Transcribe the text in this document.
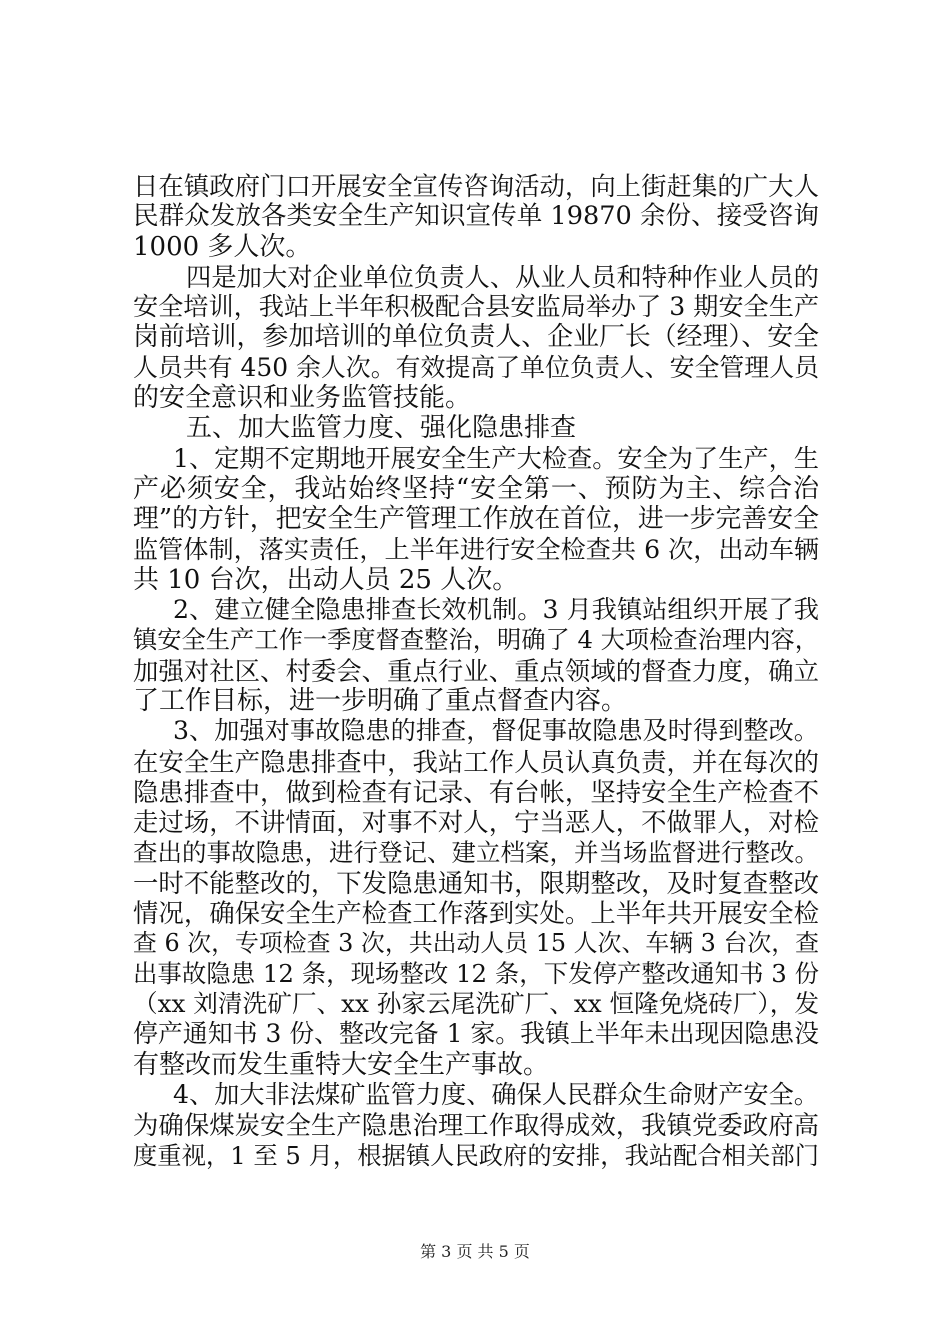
日在镇政府门口开展安全宣传咨询活动，向上街赶集的广大人
民群众发放各类安全生产知识宣传单 19870 余份、接受咨询
1000 多人次。
四是加大对企业单位负责人、从业人员和特种作业人员的
安全培训，我站上半年积极配合县安监局举办了 3 期安全生产
岗前培训，参加培训的单位负责人、企业厂长（经理）、安全
人员共有 450 余人次。有效提高了单位负责人、安全管理人员
的安全意识和业务监管技能。
五、加大监管力度、强化隐患排查
1、定期不定期地开展安全生产大检查。安全为了生产，生
产必须安全，我站始终坚持“安全第一、预防为主、综合治
理”的方针，把安全生产管理工作放在首位，进一步完善安全
监管体制，落实责任，上半年进行安全检查共 6 次，出动车辆
共 10 台次，出动人员 25 人次。
2、建立健全隐患排查长效机制。3 月我镇站组织开展了我
镇安全生产工作一季度督查整治，明确了 4 大项检查治理内容，
加强对社区、村委会、重点行业、重点领域的督查力度，确立
了工作目标，进一步明确了重点督查内容。
3、加强对事故隐患的排查，督促事故隐患及时得到整改。
在安全生产隐患排查中，我站工作人员认真负责，并在每次的
隐患排查中，做到检查有记录、有台帐，坚持安全生产检查不
走过场，不讲情面，对事不对人，宁当恶人，不做罪人，对检
查出的事故隐患，进行登记、建立档案，并当场监督进行整改。
一时不能整改的，下发隐患通知书，限期整改，及时复查整改
情况，确保安全生产检查工作落到实处。上半年共开展安全检
查 6 次，专项检查 3 次，共出动人员 15 人次、车辆 3 台次，查
出事故隐患 12 条，现场整改 12 条，下发停产整改通知书 3 份
（xx 刘清洗矿厂、xx 孙家云尾洗矿厂、xx 恒隆免烧砖厂），发
停产通知书 3 份、整改完备 1 家。我镇上半年未出现因隐患没
有整改而发生重特大安全生产事故。
4、加大非法煤矿监管力度、确保人民群众生命财产安全。
为确保煤炭安全生产隐患治理工作取得成效，我镇党委政府高
度重视，1 至 5 月，根据镇人民政府的安排，我站配合相关部门
第 3 页 共 5 页
